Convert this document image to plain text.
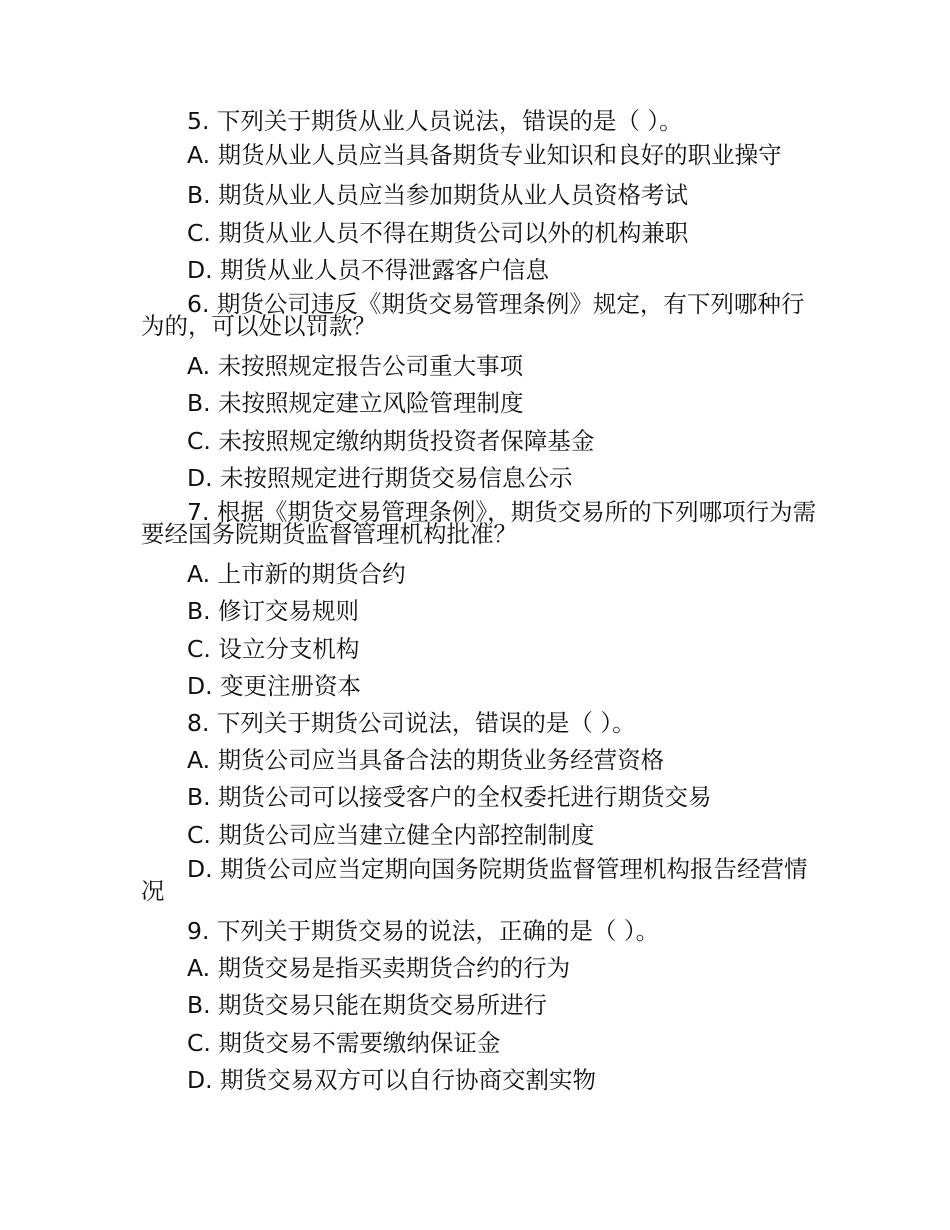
5. 下列关于期货从业人员说法，错误的是（ ）。

A. 期货从业人员应当具备期货专业知识和良好的职业操守

B. 期货从业人员应当参加期货从业人员资格考试

C. 期货从业人员不得在期货公司以外的机构兼职

D. 期货从业人员不得泄露客户信息

6. 期货公司违反《期货交易管理条例》规定，有下列哪种行为的，可以处以罚款？

A. 未按照规定报告公司重大事项

B. 未按照规定建立风险管理制度

C. 未按照规定缴纳期货投资者保障基金

D. 未按照规定进行期货交易信息公示

7. 根据《期货交易管理条例》，期货交易所的下列哪项行为需要经国务院期货监督管理机构批准？

A. 上市新的期货合约

B. 修订交易规则

C. 设立分支机构

D. 变更注册资本

8. 下列关于期货公司说法，错误的是（ ）。

A. 期货公司应当具备合法的期货业务经营资格

B. 期货公司可以接受客户的全权委托进行期货交易

C. 期货公司应当建立健全内部控制制度

D. 期货公司应当定期向国务院期货监督管理机构报告经营情况

9. 下列关于期货交易的说法，正确的是（ ）。

A. 期货交易是指买卖期货合约的行为

B. 期货交易只能在期货交易所进行

C. 期货交易不需要缴纳保证金

D. 期货交易双方可以自行协商交割实物
